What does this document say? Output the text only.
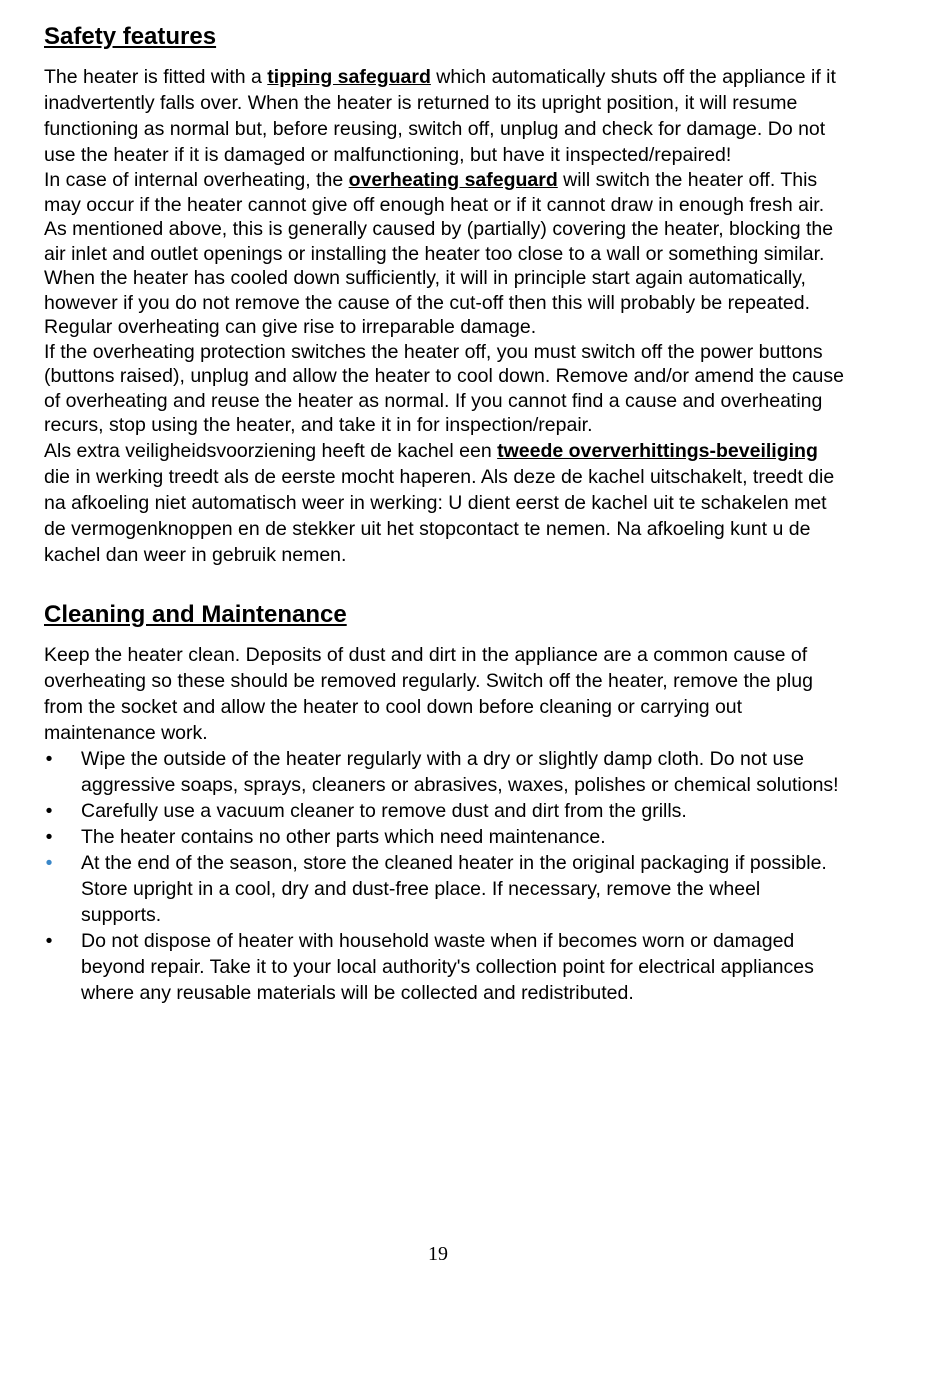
Safety features

The heater is fitted with a tipping safeguard which automatically shuts off the appliance if it inadvertently falls over. When the heater is returned to its upright position, it will resume functioning as normal but, before reusing, switch off, unplug and check for damage. Do not use the heater if it is damaged or malfunctioning, but have it inspected/repaired!

In case of internal overheating, the overheating safeguard will switch the heater off. This may occur if the heater cannot give off enough heat or if it cannot draw in enough fresh air. As mentioned above, this is generally caused by (partially) covering the heater, blocking the air inlet and outlet openings or installing the heater too close to a wall or something similar. When the heater has cooled down sufficiently, it will in principle start again automatically, however if you do not remove the cause of the cut-off then this will probably be repeated. Regular overheating can give rise to irreparable damage.

If the overheating protection switches the heater off, you must switch off the power buttons (buttons raised), unplug and allow the heater to cool down. Remove and/or amend the cause of overheating and reuse the heater as normal. If you cannot find a cause and overheating recurs, stop using the heater, and take it in for inspection/repair.

Als extra veiligheidsvoorziening heeft de kachel een tweede oververhittings-beveiliging die in werking treedt als de eerste mocht haperen. Als deze de kachel uitschakelt, treedt die na afkoeling niet automatisch weer in werking: U dient eerst de kachel uit te schakelen met de vermogenknoppen en de stekker uit het stopcontact te nemen. Na afkoeling kunt u de kachel dan weer in gebruik nemen.

Cleaning and Maintenance

Keep the heater clean. Deposits of dust and dirt in the appliance are a common cause of overheating so these should be removed regularly. Switch off the heater, remove the plug from the socket and allow the heater to cool down before cleaning or carrying out maintenance work.

• Wipe the outside of the heater regularly with a dry or slightly damp cloth. Do not use aggressive soaps, sprays, cleaners or abrasives, waxes, polishes or chemical solutions!
• Carefully use a vacuum cleaner to remove dust and dirt from the grills.
• The heater contains no other parts which need maintenance.
• At the end of the season, store the cleaned heater in the original packaging if possible. Store upright in a cool, dry and dust-free place. If necessary, remove the wheel supports.
• Do not dispose of heater with household waste when if becomes worn or damaged beyond repair. Take it to your local authority's collection point for electrical appliances where any reusable materials will be collected and redistributed.
19
